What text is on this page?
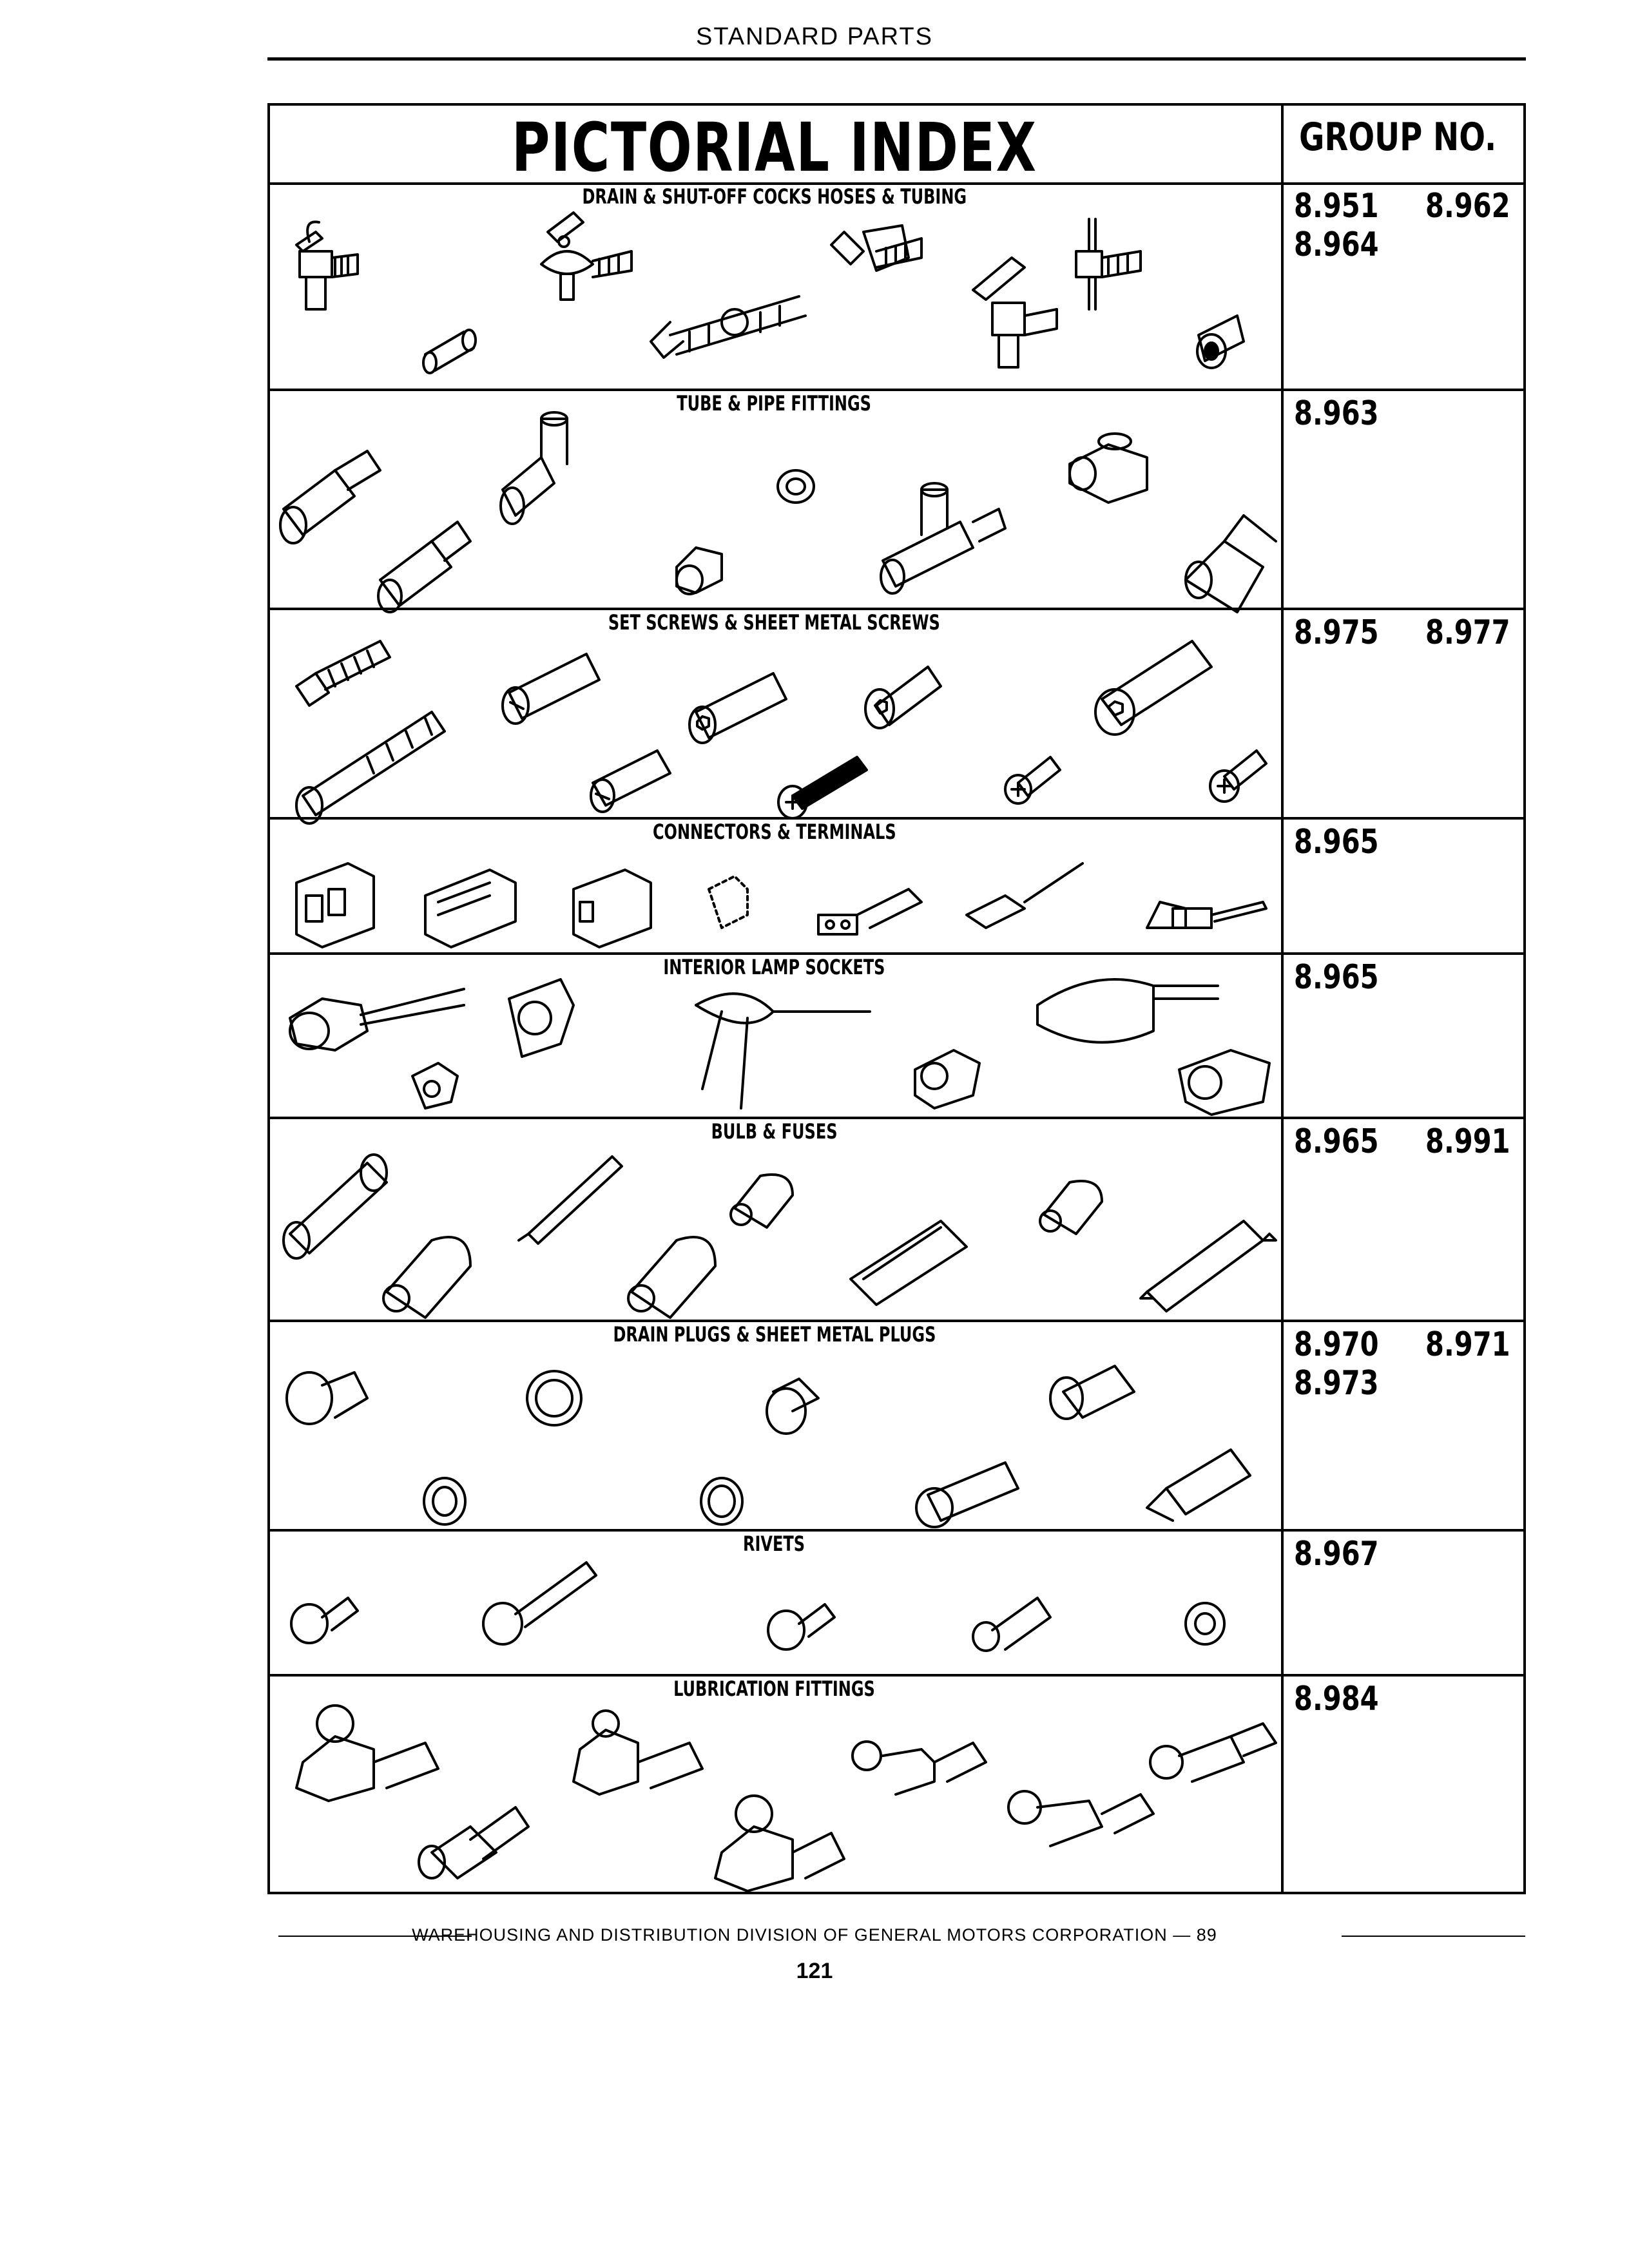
STANDARD PARTS
PICTORIAL INDEX	GROUP NO.
DRAIN & SHUT-OFF COCKS HOSES & TUBING
TUBE & PIPE FITTINGS
SET SCREWS & SHEET METAL SCREWS
CONNECTORS & TERMINALS
INTERIOR LAMP SOCKETS
BULB & FUSES
DRAIN PLUGS & SHEET METAL PLUGS
RIVETS
LUBRICATION FITTINGS
8.951 8.962
8.964
8.963
8.975 8.977
8.965
8.965
8.965 8.991
8.970 8.971
8.973
8.967
8.984
WAREHOUSING AND DISTRIBUTION DIVISION OF GENERAL MOTORS CORPORATION — 89
121
